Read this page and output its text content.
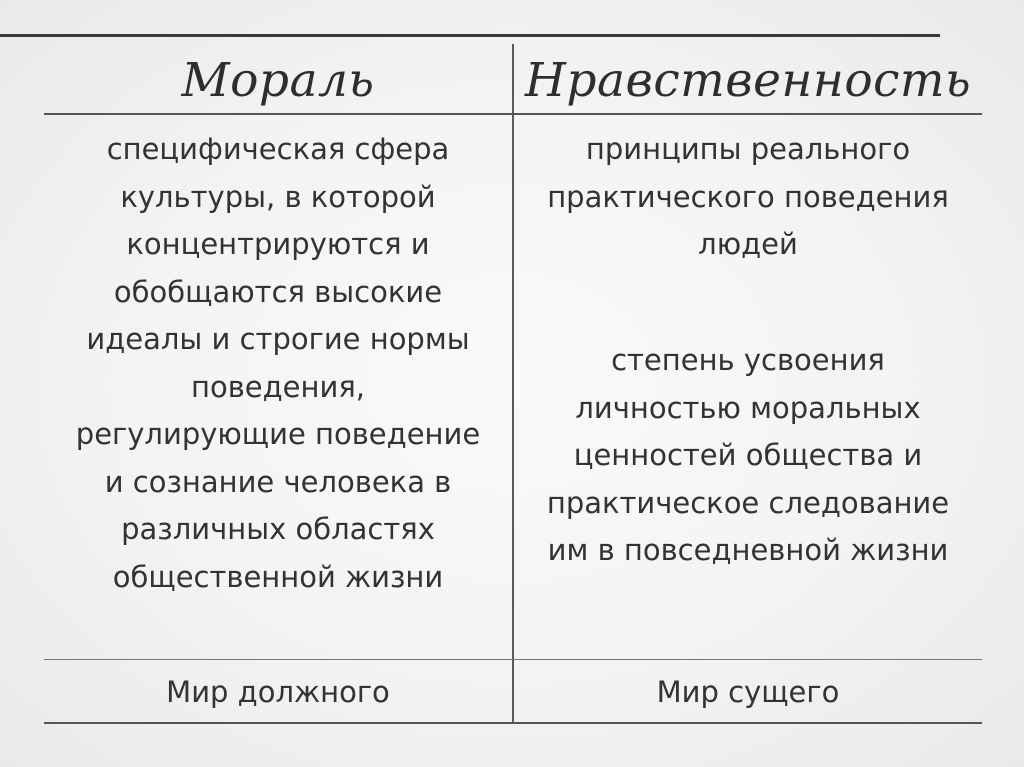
Мораль	Нравственность
специфическая сфера
культуры, в которой
концентрируются и
обобщаются высокие
идеалы и строгие нормы
поведения,
регулирующие поведение
и сознание человека в
различных областях
общественной жизни
принципы реального
практического поведения
людей
степень усвоения
личностью моральных
ценностей общества и
практическое следование
им в повседневной жизни
Мир должного	Мир сущего
